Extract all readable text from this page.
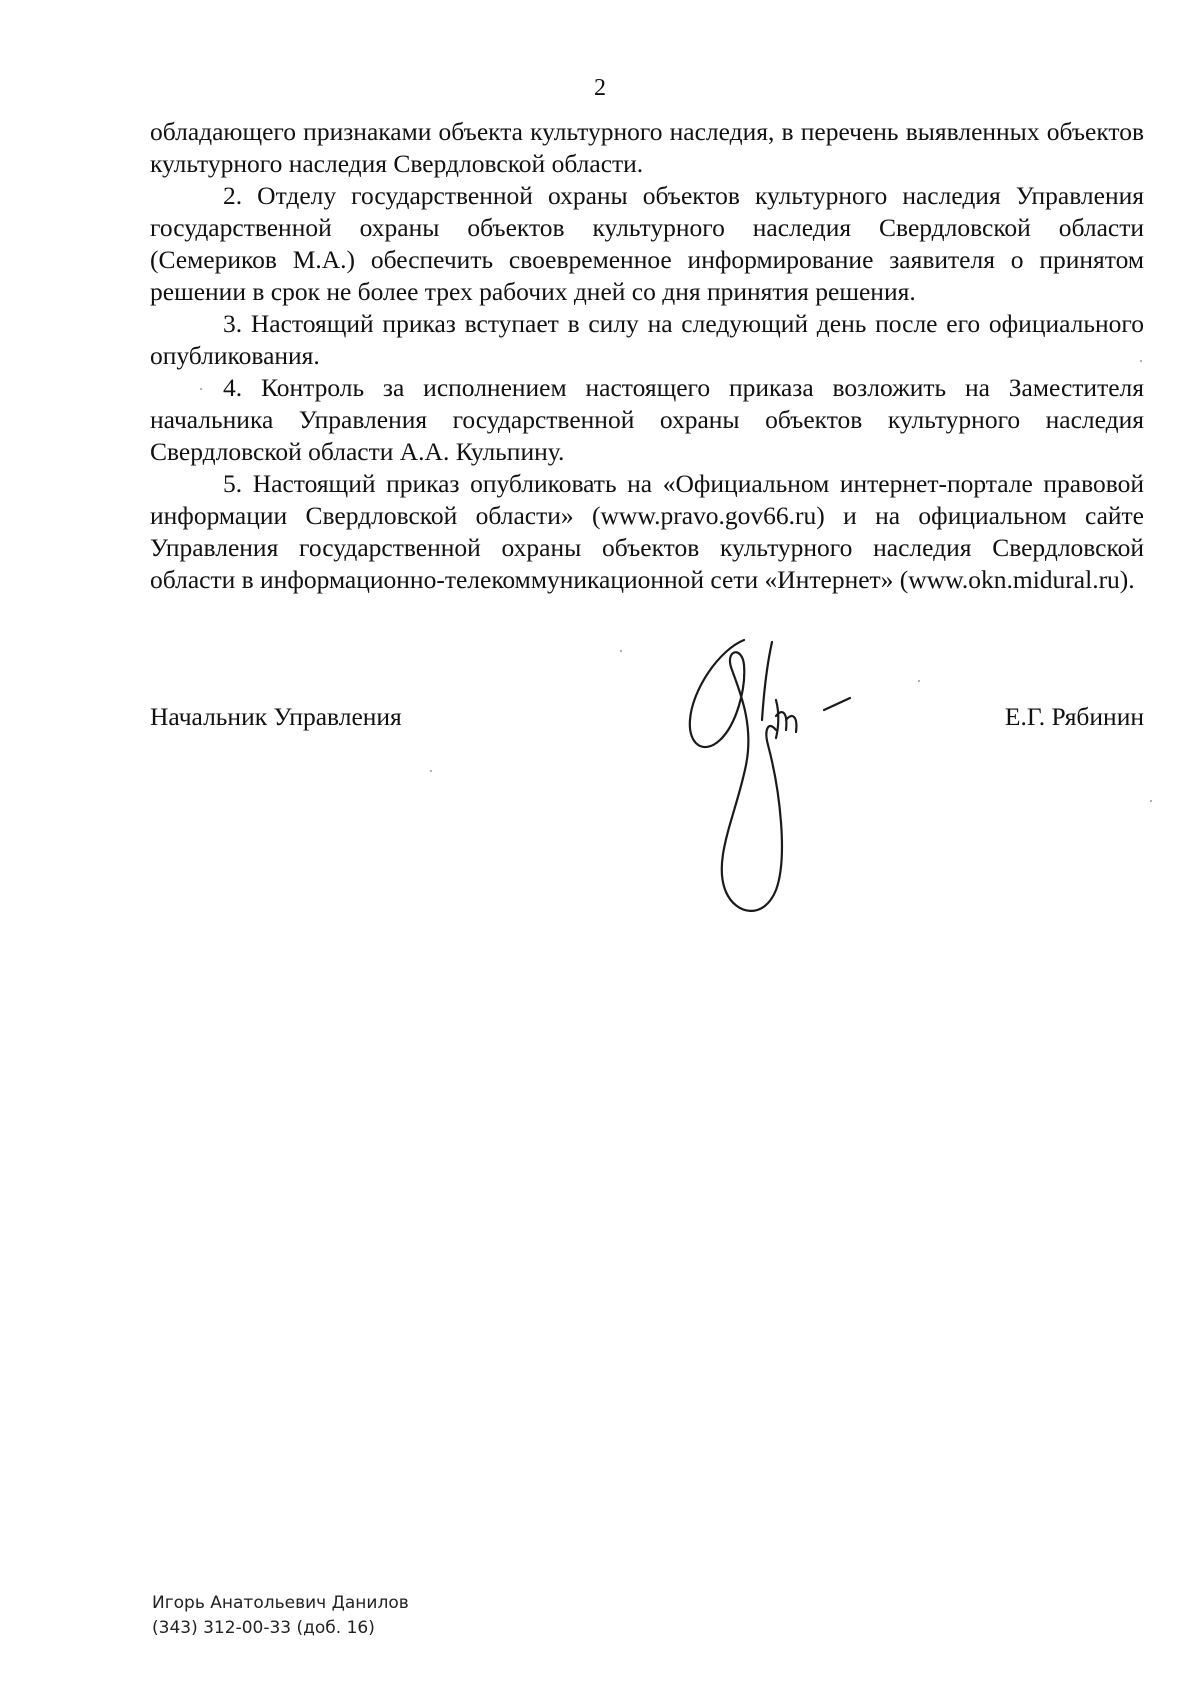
2

обладающего признаками объекта культурного наследия, в перечень выявленных объектов культурного наследия Свердловской области.

2. Отделу государственной охраны объектов культурного наследия Управления государственной охраны объектов культурного наследия Свердловской области (Семериков М.А.) обеспечить своевременное информирование заявителя о принятом решении в срок не более трех рабочих дней со дня принятия решения.

3. Настоящий приказ вступает в силу на следующий день после его официального опубликования.

4. Контроль за исполнением настоящего приказа возложить на Заместителя начальника Управления государственной охраны объектов культурного наследия Свердловской области А.А. Кульпину.

5. Настоящий приказ опубликовать на «Официальном интернет-портале правовой информации Свердловской области» (www.pravo.gov66.ru) и на официальном сайте Управления государственной охраны объектов культурного наследия Свердловской области в информационно-телекоммуникационной сети «Интернет» (www.okn.midural.ru).

Начальник Управления	Е.Г. Рябинин
Игорь Анатольевич Данилов
(343) 312-00-33 (доб. 16)
